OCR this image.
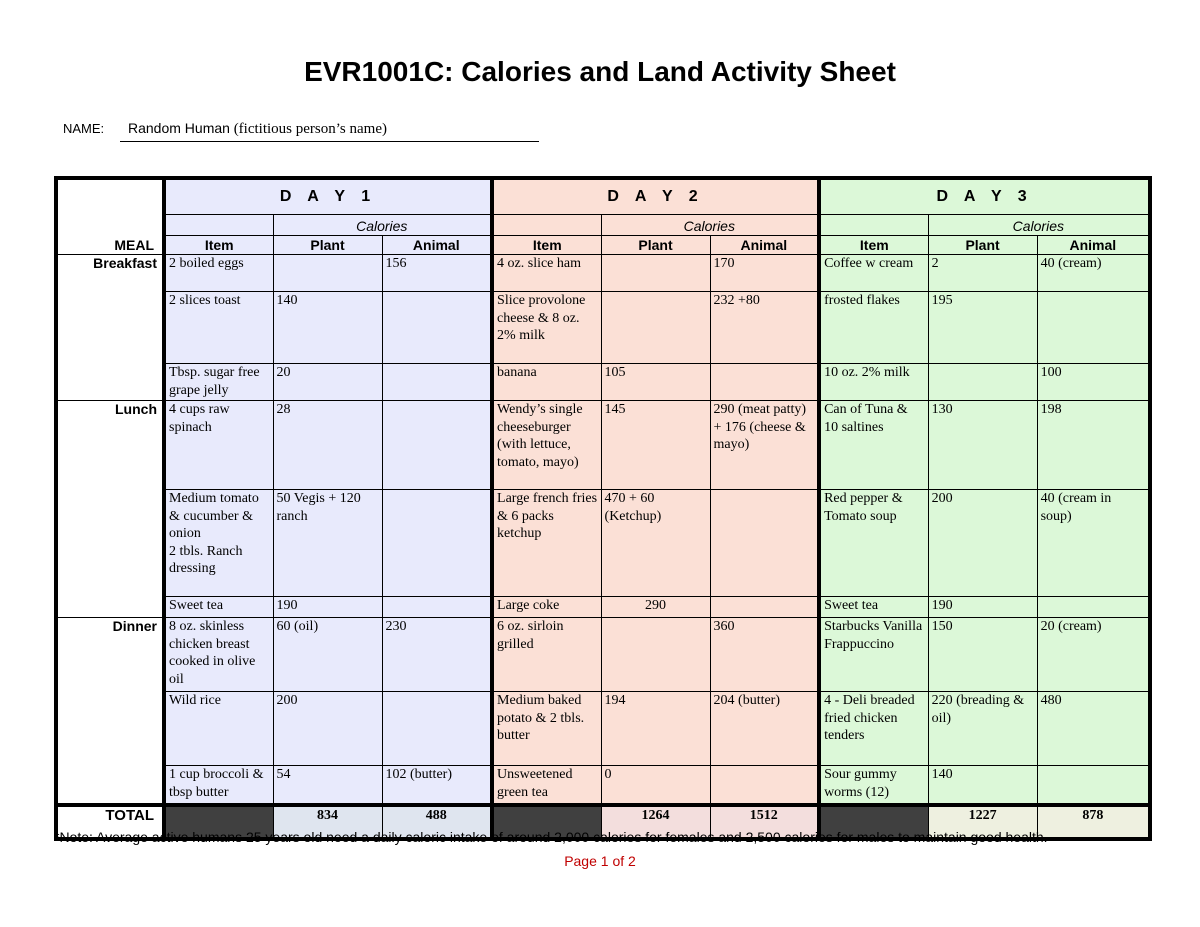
EVR1001C: Calories and Land Activity Sheet
NAME: Random Human (fictitious person’s name)
MEAL	D A Y 1			D A Y 2			D A Y 3		
		Calories			Calories			Calories	
	Item	Plant	Animal	Item	Plant	Animal	Item	Plant	Animal
Breakfast	2 boiled eggs		156	4 oz. slice ham		170	Coffee w cream	2	40 (cream)
	2 slices toast	140		Slice provolone cheese & 8 oz. 2% milk		232 +80	frosted flakes	195	
	Tbsp. sugar free grape jelly	20		banana	105		10 oz. 2% milk		100
Lunch	4 cups raw spinach	28		Wendy’s single cheeseburger (with lettuce, tomato, mayo)	145	290 (meat patty) + 176 (cheese & mayo)	Can of Tuna & 10 saltines	130	198
	Medium tomato & cucumber & onion
2 tbls. Ranch dressing	50 Vegis + 120 ranch		Large french fries & 6 packs ketchup	470 + 60 (Ketchup)		Red pepper & Tomato soup	200	40 (cream in soup)
	Sweet tea	190		Large coke	290		Sweet tea	190	
Dinner	8 oz. skinless chicken breast cooked in olive oil	60 (oil)	230	6 oz. sirloin grilled		360	Starbucks Vanilla Frappuccino	150	20 (cream)
	Wild rice	200		Medium baked potato & 2 tbls. butter	194	204 (butter)	4 - Deli breaded fried chicken tenders	220 (breading & oil)	480
	1 cup broccoli & tbsp butter	54	102 (butter)	Unsweetened green tea	0		Sour gummy worms (12)	140	
TOTAL		834	488		1264	1512		1227	878
*Note: Average active humans 25 years old need a daily caloric intake of around 2,000 calories for females and 2,500 calories for males to maintain good health.
Page 1 of 2
